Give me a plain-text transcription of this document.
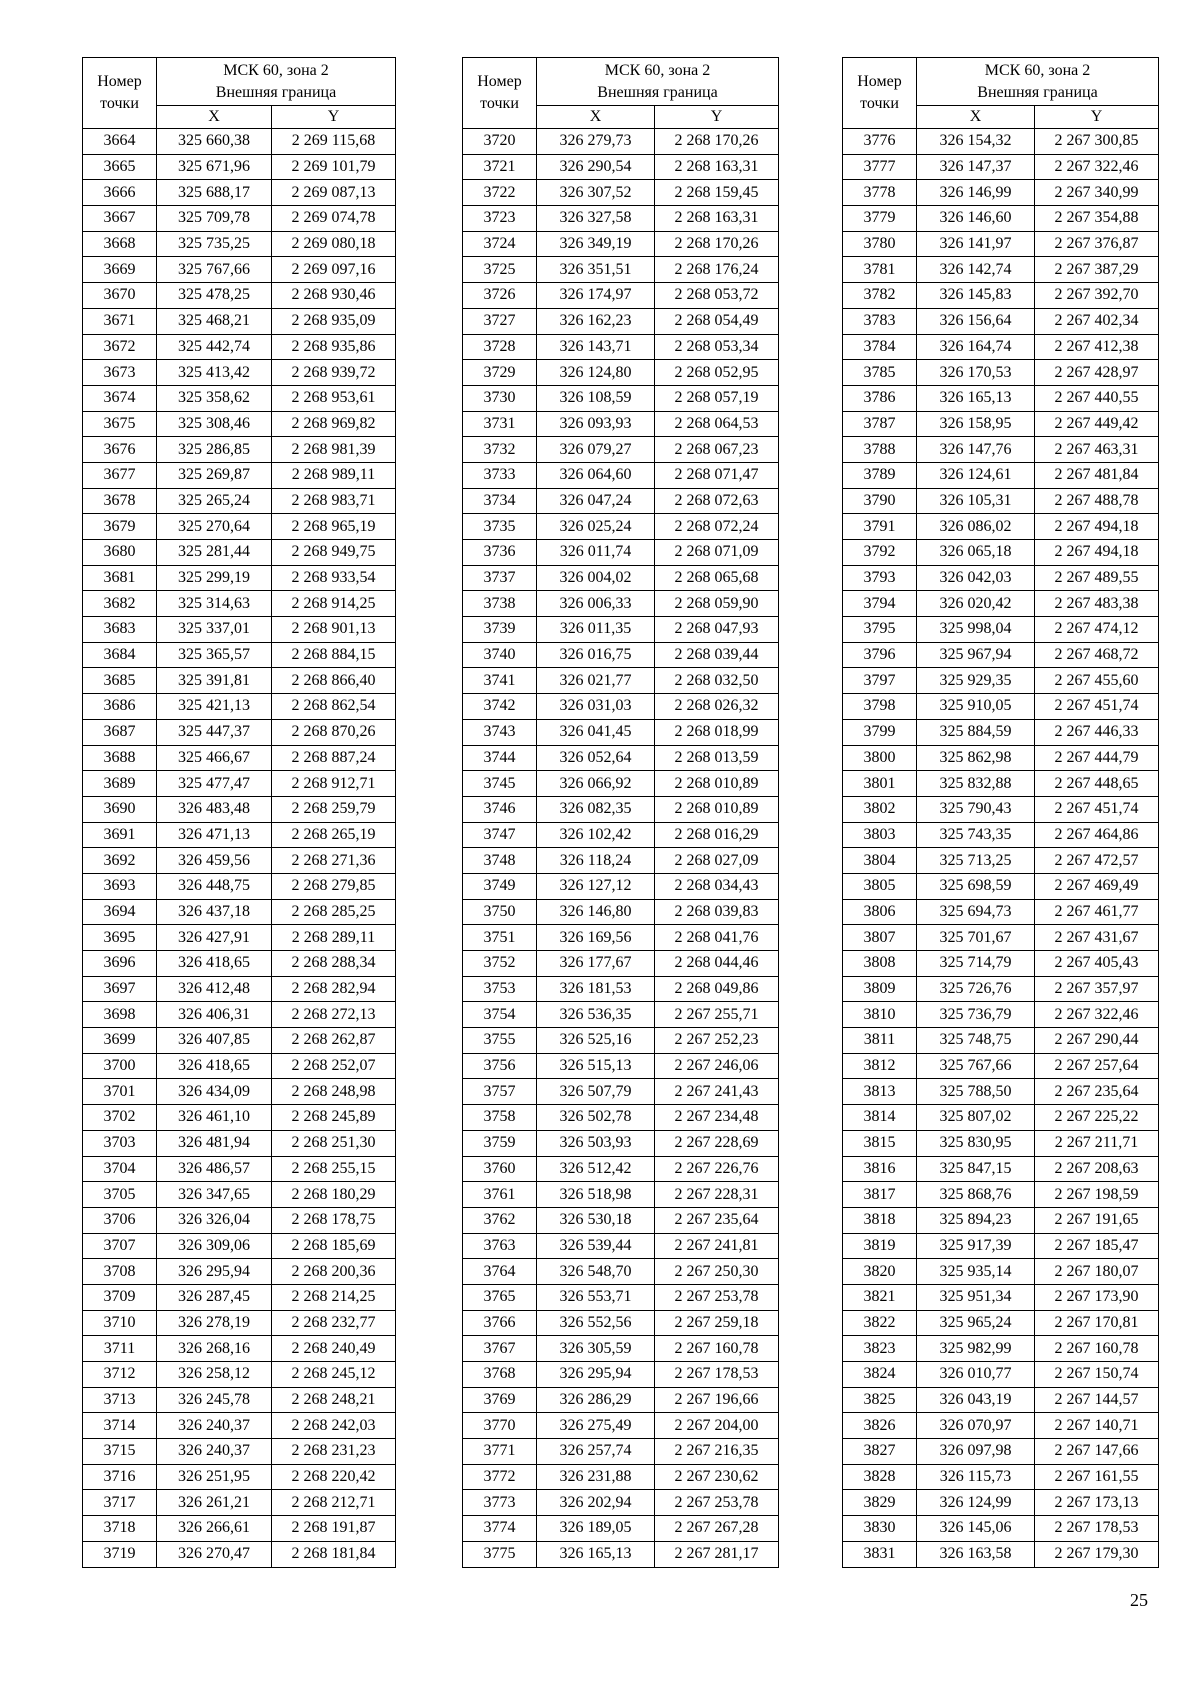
Номер
точки	МСК 60, зона 2
Внешняя граница	

	X	Y
3664	325 660,38	2 269 115,68
3665	325 671,96	2 269 101,79
3666	325 688,17	2 269 087,13
3667	325 709,78	2 269 074,78
3668	325 735,25	2 269 080,18
3669	325 767,66	2 269 097,16
3670	325 478,25	2 268 930,46
3671	325 468,21	2 268 935,09
3672	325 442,74	2 268 935,86
3673	325 413,42	2 268 939,72
3674	325 358,62	2 268 953,61
3675	325 308,46	2 268 969,82
3676	325 286,85	2 268 981,39
3677	325 269,87	2 268 989,11
3678	325 265,24	2 268 983,71
3679	325 270,64	2 268 965,19
3680	325 281,44	2 268 949,75
3681	325 299,19	2 268 933,54
3682	325 314,63	2 268 914,25
3683	325 337,01	2 268 901,13
3684	325 365,57	2 268 884,15
3685	325 391,81	2 268 866,40
3686	325 421,13	2 268 862,54
3687	325 447,37	2 268 870,26
3688	325 466,67	2 268 887,24
3689	325 477,47	2 268 912,71
3690	326 483,48	2 268 259,79
3691	326 471,13	2 268 265,19
3692	326 459,56	2 268 271,36
3693	326 448,75	2 268 279,85
3694	326 437,18	2 268 285,25
3695	326 427,91	2 268 289,11
3696	326 418,65	2 268 288,34
3697	326 412,48	2 268 282,94
3698	326 406,31	2 268 272,13
3699	326 407,85	2 268 262,87
3700	326 418,65	2 268 252,07
3701	326 434,09	2 268 248,98
3702	326 461,10	2 268 245,89
3703	326 481,94	2 268 251,30
3704	326 486,57	2 268 255,15
3705	326 347,65	2 268 180,29
3706	326 326,04	2 268 178,75
3707	326 309,06	2 268 185,69
3708	326 295,94	2 268 200,36
3709	326 287,45	2 268 214,25
3710	326 278,19	2 268 232,77
3711	326 268,16	2 268 240,49
3712	326 258,12	2 268 245,12
3713	326 245,78	2 268 248,21
3714	326 240,37	2 268 242,03
3715	326 240,37	2 268 231,23
3716	326 251,95	2 268 220,42
3717	326 261,21	2 268 212,71
3718	326 266,61	2 268 191,87
3719	326 270,47	2 268 181,84
Номер
точки	МСК 60, зона 2
Внешняя граница	

	X	Y
3720	326 279,73	2 268 170,26
3721	326 290,54	2 268 163,31
3722	326 307,52	2 268 159,45
3723	326 327,58	2 268 163,31
3724	326 349,19	2 268 170,26
3725	326 351,51	2 268 176,24
3726	326 174,97	2 268 053,72
3727	326 162,23	2 268 054,49
3728	326 143,71	2 268 053,34
3729	326 124,80	2 268 052,95
3730	326 108,59	2 268 057,19
3731	326 093,93	2 268 064,53
3732	326 079,27	2 268 067,23
3733	326 064,60	2 268 071,47
3734	326 047,24	2 268 072,63
3735	326 025,24	2 268 072,24
3736	326 011,74	2 268 071,09
3737	326 004,02	2 268 065,68
3738	326 006,33	2 268 059,90
3739	326 011,35	2 268 047,93
3740	326 016,75	2 268 039,44
3741	326 021,77	2 268 032,50
3742	326 031,03	2 268 026,32
3743	326 041,45	2 268 018,99
3744	326 052,64	2 268 013,59
3745	326 066,92	2 268 010,89
3746	326 082,35	2 268 010,89
3747	326 102,42	2 268 016,29
3748	326 118,24	2 268 027,09
3749	326 127,12	2 268 034,43
3750	326 146,80	2 268 039,83
3751	326 169,56	2 268 041,76
3752	326 177,67	2 268 044,46
3753	326 181,53	2 268 049,86
3754	326 536,35	2 267 255,71
3755	326 525,16	2 267 252,23
3756	326 515,13	2 267 246,06
3757	326 507,79	2 267 241,43
3758	326 502,78	2 267 234,48
3759	326 503,93	2 267 228,69
3760	326 512,42	2 267 226,76
3761	326 518,98	2 267 228,31
3762	326 530,18	2 267 235,64
3763	326 539,44	2 267 241,81
3764	326 548,70	2 267 250,30
3765	326 553,71	2 267 253,78
3766	326 552,56	2 267 259,18
3767	326 305,59	2 267 160,78
3768	326 295,94	2 267 178,53
3769	326 286,29	2 267 196,66
3770	326 275,49	2 267 204,00
3771	326 257,74	2 267 216,35
3772	326 231,88	2 267 230,62
3773	326 202,94	2 267 253,78
3774	326 189,05	2 267 267,28
3775	326 165,13	2 267 281,17
Номер
точки	МСК 60, зона 2
Внешняя граница	

	X	Y
3776	326 154,32	2 267 300,85
3777	326 147,37	2 267 322,46
3778	326 146,99	2 267 340,99
3779	326 146,60	2 267 354,88
3780	326 141,97	2 267 376,87
3781	326 142,74	2 267 387,29
3782	326 145,83	2 267 392,70
3783	326 156,64	2 267 402,34
3784	326 164,74	2 267 412,38
3785	326 170,53	2 267 428,97
3786	326 165,13	2 267 440,55
3787	326 158,95	2 267 449,42
3788	326 147,76	2 267 463,31
3789	326 124,61	2 267 481,84
3790	326 105,31	2 267 488,78
3791	326 086,02	2 267 494,18
3792	326 065,18	2 267 494,18
3793	326 042,03	2 267 489,55
3794	326 020,42	2 267 483,38
3795	325 998,04	2 267 474,12
3796	325 967,94	2 267 468,72
3797	325 929,35	2 267 455,60
3798	325 910,05	2 267 451,74
3799	325 884,59	2 267 446,33
3800	325 862,98	2 267 444,79
3801	325 832,88	2 267 448,65
3802	325 790,43	2 267 451,74
3803	325 743,35	2 267 464,86
3804	325 713,25	2 267 472,57
3805	325 698,59	2 267 469,49
3806	325 694,73	2 267 461,77
3807	325 701,67	2 267 431,67
3808	325 714,79	2 267 405,43
3809	325 726,76	2 267 357,97
3810	325 736,79	2 267 322,46
3811	325 748,75	2 267 290,44
3812	325 767,66	2 267 257,64
3813	325 788,50	2 267 235,64
3814	325 807,02	2 267 225,22
3815	325 830,95	2 267 211,71
3816	325 847,15	2 267 208,63
3817	325 868,76	2 267 198,59
3818	325 894,23	2 267 191,65
3819	325 917,39	2 267 185,47
3820	325 935,14	2 267 180,07
3821	325 951,34	2 267 173,90
3822	325 965,24	2 267 170,81
3823	325 982,99	2 267 160,78
3824	326 010,77	2 267 150,74
3825	326 043,19	2 267 144,57
3826	326 070,97	2 267 140,71
3827	326 097,98	2 267 147,66
3828	326 115,73	2 267 161,55
3829	326 124,99	2 267 173,13
3830	326 145,06	2 267 178,53
3831	326 163,58	2 267 179,30
25
